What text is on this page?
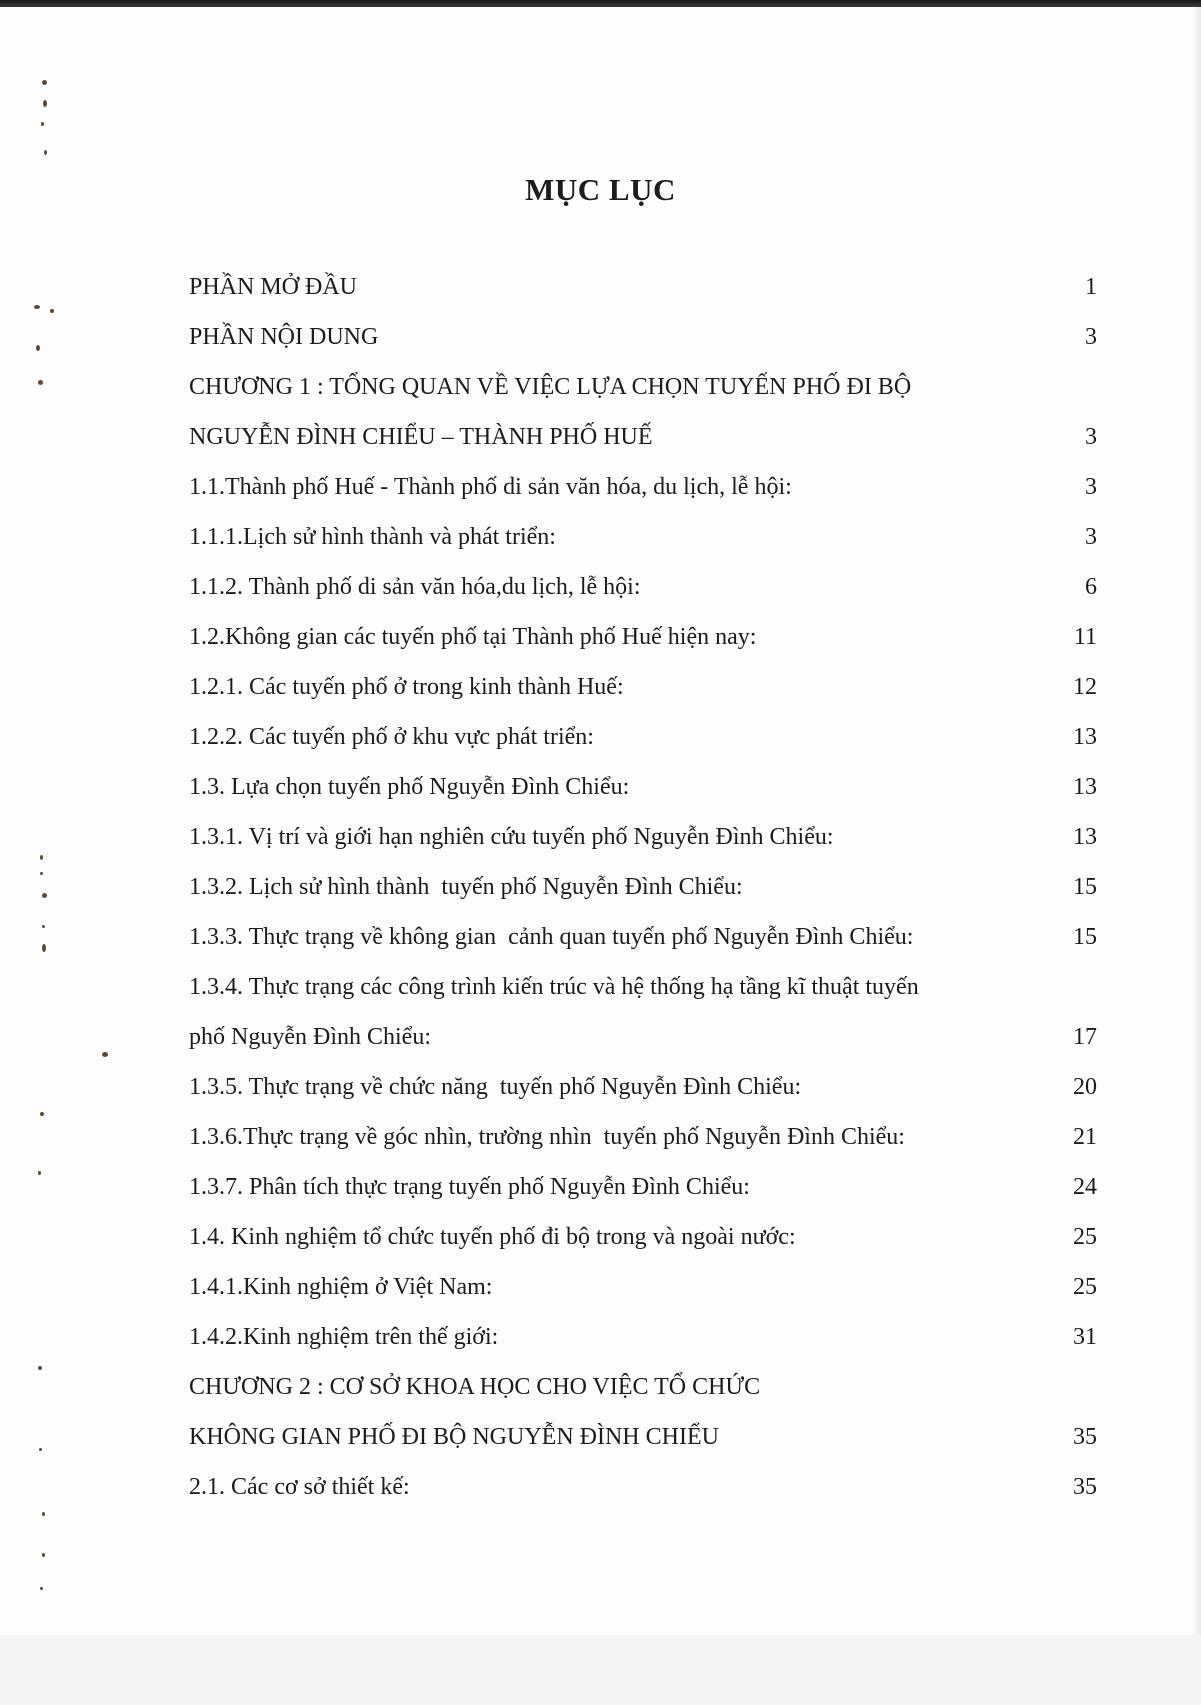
MỤC LỤC
PHẦN MỞ ĐẦU	1
PHẦN NỘI DUNG	3
CHƯƠNG 1 : TỔNG QUAN VỀ VIỆC LỰA CHỌN TUYẾN PHỐ ĐI BỘ
NGUYỄN ĐÌNH CHIỂU – THÀNH PHỐ HUẾ	3
1.1.Thành phố Huế - Thành phố di sản văn hóa, du lịch, lễ hội:	3
1.1.1.Lịch sử hình thành và phát triển:	3
1.1.2. Thành phố di sản văn hóa,du lịch, lễ hội:	6
1.2.Không gian các tuyến phố tại Thành phố Huế hiện nay:	11
1.2.1. Các tuyến phố ở trong kinh thành Huế:	12
1.2.2. Các tuyến phố ở khu vực phát triển:	13
1.3. Lựa chọn tuyến phố Nguyễn Đình Chiểu:	13
1.3.1. Vị trí và giới hạn nghiên cứu tuyến phố Nguyễn Đình Chiểu:	13
1.3.2. Lịch sử hình thành  tuyến phố Nguyễn Đình Chiểu:	15
1.3.3. Thực trạng về không gian  cảnh quan tuyến phố Nguyễn Đình Chiểu:	15
1.3.4. Thực trạng các công trình kiến trúc và hệ thống hạ tầng kĩ thuật tuyến
phố Nguyễn Đình Chiểu:	17
1.3.5. Thực trạng về chức năng  tuyến phố Nguyễn Đình Chiểu:	20
1.3.6.Thực trạng về góc nhìn, trường nhìn  tuyến phố Nguyễn Đình Chiểu:	21
1.3.7. Phân tích thực trạng tuyến phố Nguyễn Đình Chiểu:	24
1.4. Kinh nghiệm tổ chức tuyến phố đi bộ trong và ngoài nước:	25
1.4.1.Kinh nghiệm ở Việt Nam:	25
1.4.2.Kinh nghiệm trên thế giới:	31
CHƯƠNG 2 : CƠ SỞ KHOA HỌC CHO VIỆC TỔ CHỨC
KHÔNG GIAN PHỐ ĐI BỘ NGUYỄN ĐÌNH CHIỂU	35
2.1. Các cơ sở thiết kế:	35
